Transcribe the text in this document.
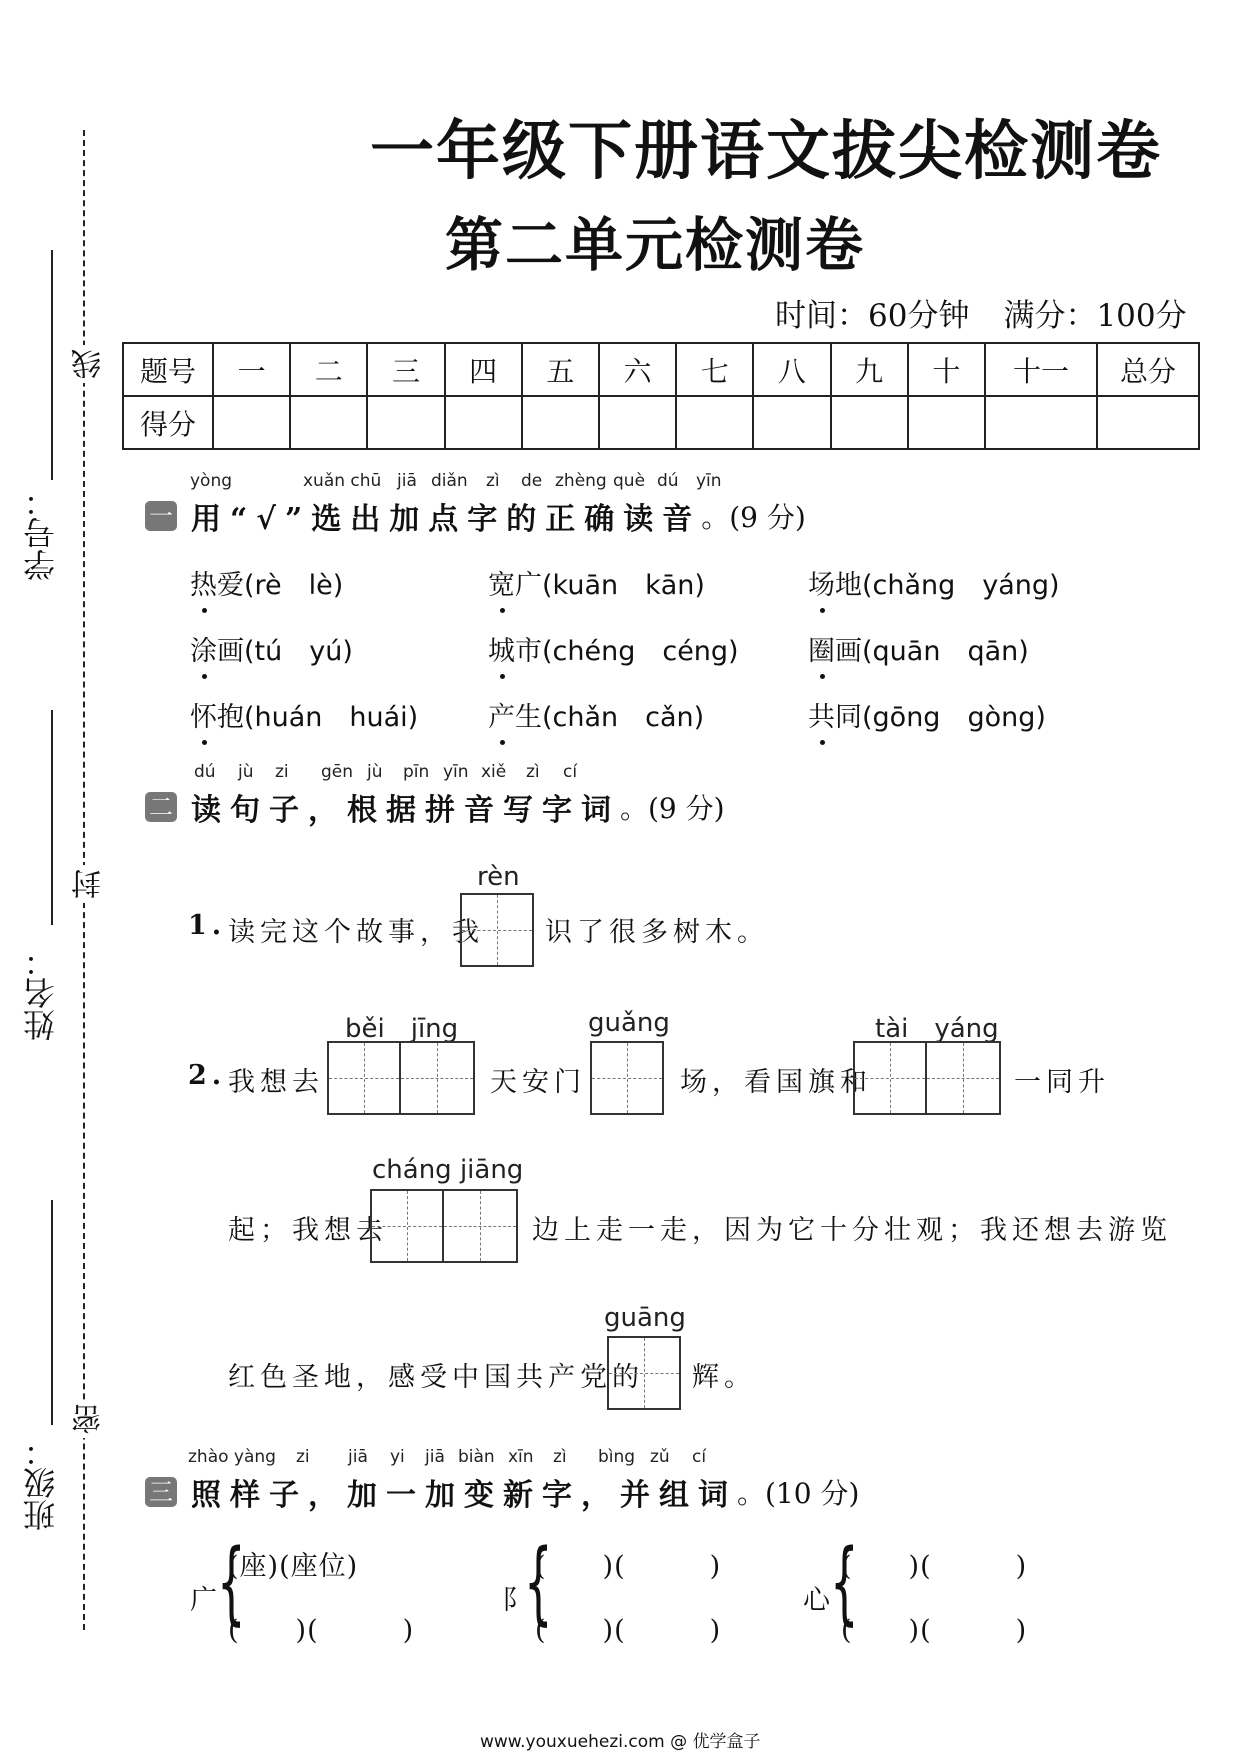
一年级下册语文拔尖检测卷
第二单元检测卷
时间：60分钟 满分：100分
学号：
姓名：
班级：
线
封
密
题号	一	二	三	四	五	六	七	八	九	十	十一	总分
得分												
yòng	xuǎn chū jiā diǎn zì de zhèng què dú yīn
一 用“√”选出加点字的正确读音。(9 分)
热爱(rè　lè)	宽广(kuān　kān)	场地(chǎng　yáng)
涂画(tú　yú)	城市(chéng　céng)	圈画(quān　qān)
怀抱(huán　huái)	产生(chǎn　cǎn)	共同(gōng　gòng)
dú jù zi gēn jù pīn yīn xiě zì cí
二 读句子，根据拼音写字词。(9 分)
1. 读完这个故事，我
rèn
识了很多树木。
2. 我想去
běi　jīng
天安门
guǎng
场，看国旗和
tài　yáng
一同升
起；我想去
cháng jiāng
边上走一走，因为它十分壮观；我还想去游览
红色圣地，感受中国共产党的
guāng
辉。
zhào yàng zi jiā yi jiā biàn xīn zì bìng zǔ cí
三 照样子，加一加变新字，并组词。(10 分)
广 {
(座)(座位)
(　　)(　　　)
阝
{
(　　)(　　　)
(　　)(　　　)
心 {
(　　)(　　　)
(　　)(　　　)
www.youxuehezi.com @ 优学盒子
